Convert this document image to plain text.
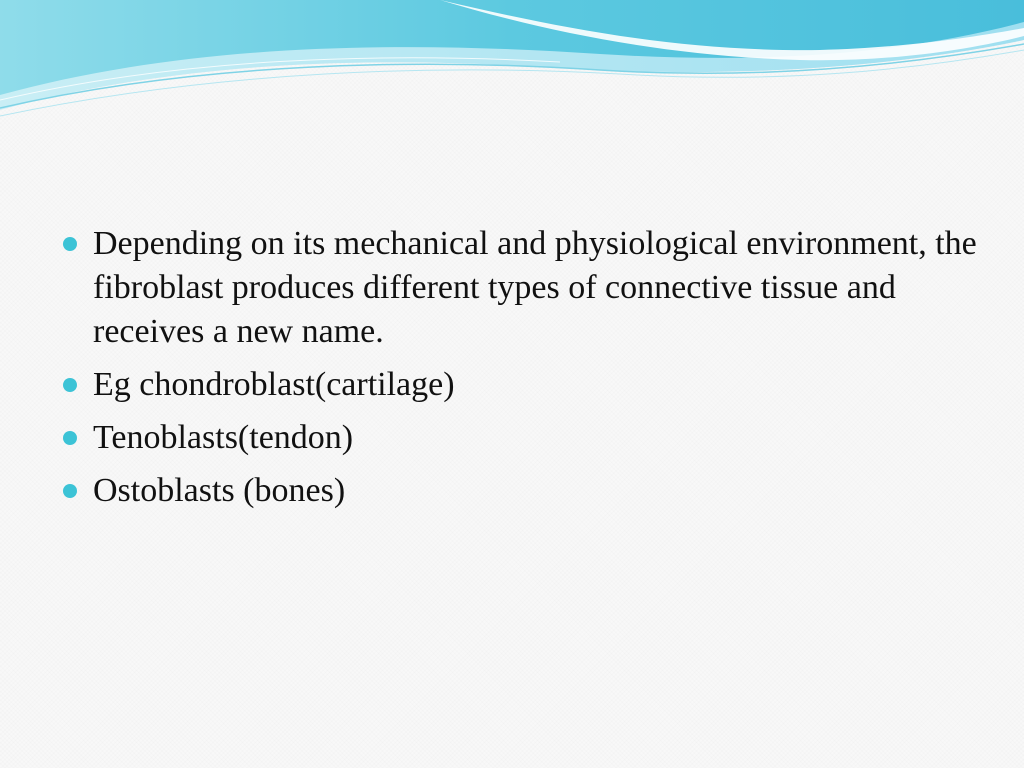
Depending on its mechanical and physiological environment, the fibroblast produces different types of connective tissue and receives a new name.
Eg chondroblast(cartilage)
Tenoblasts(tendon)
Ostoblasts (bones)
